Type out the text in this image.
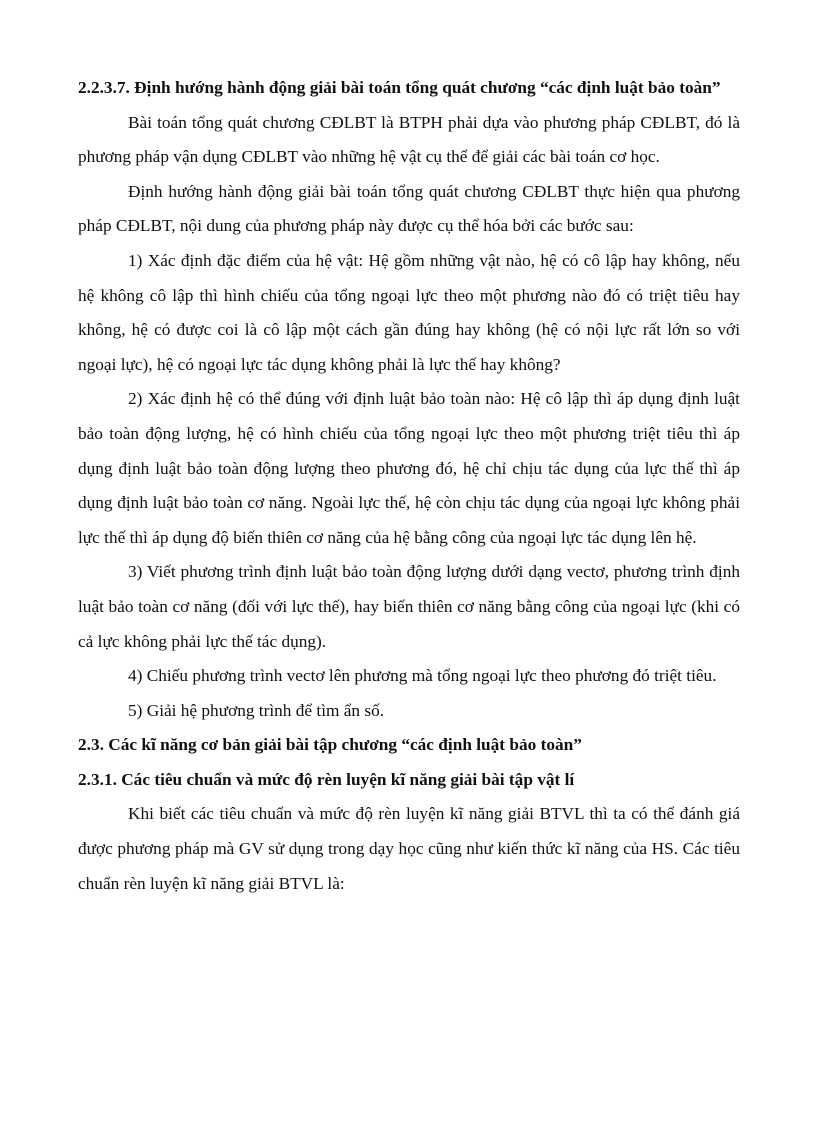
2.2.3.7. Định hướng hành động giải bài toán tổng quát chương “các định luật bảo toàn”

Bài toán tổng quát chương CĐLBT là BTPH phải dựa vào phương pháp CĐLBT, đó là phương pháp vận dụng CĐLBT vào những hệ vật cụ thể để giải các bài toán cơ học.

Định hướng hành động giải bài toán tổng quát chương CĐLBT thực hiện qua phương pháp CĐLBT, nội dung của phương pháp này được cụ thể hóa bởi các bước sau:

1) Xác định đặc điểm của hệ vật: Hệ gồm những vật nào, hệ có cô lập hay không, nếu hệ không cô lập thì hình chiếu của tổng ngoại lực theo một phương nào đó có triệt tiêu hay không, hệ có được coi là cô lập một cách gần đúng hay không (hệ có nội lực rất lớn so với ngoại lực), hệ có ngoại lực tác dụng không phải là lực thế hay không?

2) Xác định hệ có thể đúng với định luật bảo toàn nào: Hệ cô lập thì áp dụng định luật bảo toàn động lượng, hệ có hình chiếu của tổng ngoại lực theo một phương triệt tiêu thì áp dụng định luật bảo toàn động lượng theo phương đó, hệ chỉ chịu tác dụng của lực thế thì áp dụng định luật bảo toàn cơ năng. Ngoài lực thế, hệ còn chịu tác dụng của ngoại lực không phải lực thế thì áp dụng độ biến thiên cơ năng của hệ bằng công của ngoại lực tác dụng lên hệ.

3) Viết phương trình định luật bảo toàn động lượng dưới dạng vectơ, phương trình định luật bảo toàn cơ năng (đối với lực thế), hay biến thiên cơ năng bằng công của ngoại lực (khi có cả lực không phải lực thế tác dụng).

4) Chiếu phương trình vectơ lên phương mà tổng ngoại lực theo phương đó triệt tiêu.

5) Giải hệ phương trình để tìm ẩn số.

2.3. Các kĩ năng cơ bản giải bài tập chương “các định luật bảo toàn”

2.3.1. Các tiêu chuẩn và mức độ rèn luyện kĩ năng giải bài tập vật lí

Khi biết các tiêu chuẩn và mức độ rèn luyện kĩ năng giải BTVL thì ta có thể đánh giá được phương pháp mà GV sử dụng trong dạy học cũng như kiến thức kĩ năng của HS. Các tiêu chuẩn rèn luyện kĩ năng giải BTVL là:
